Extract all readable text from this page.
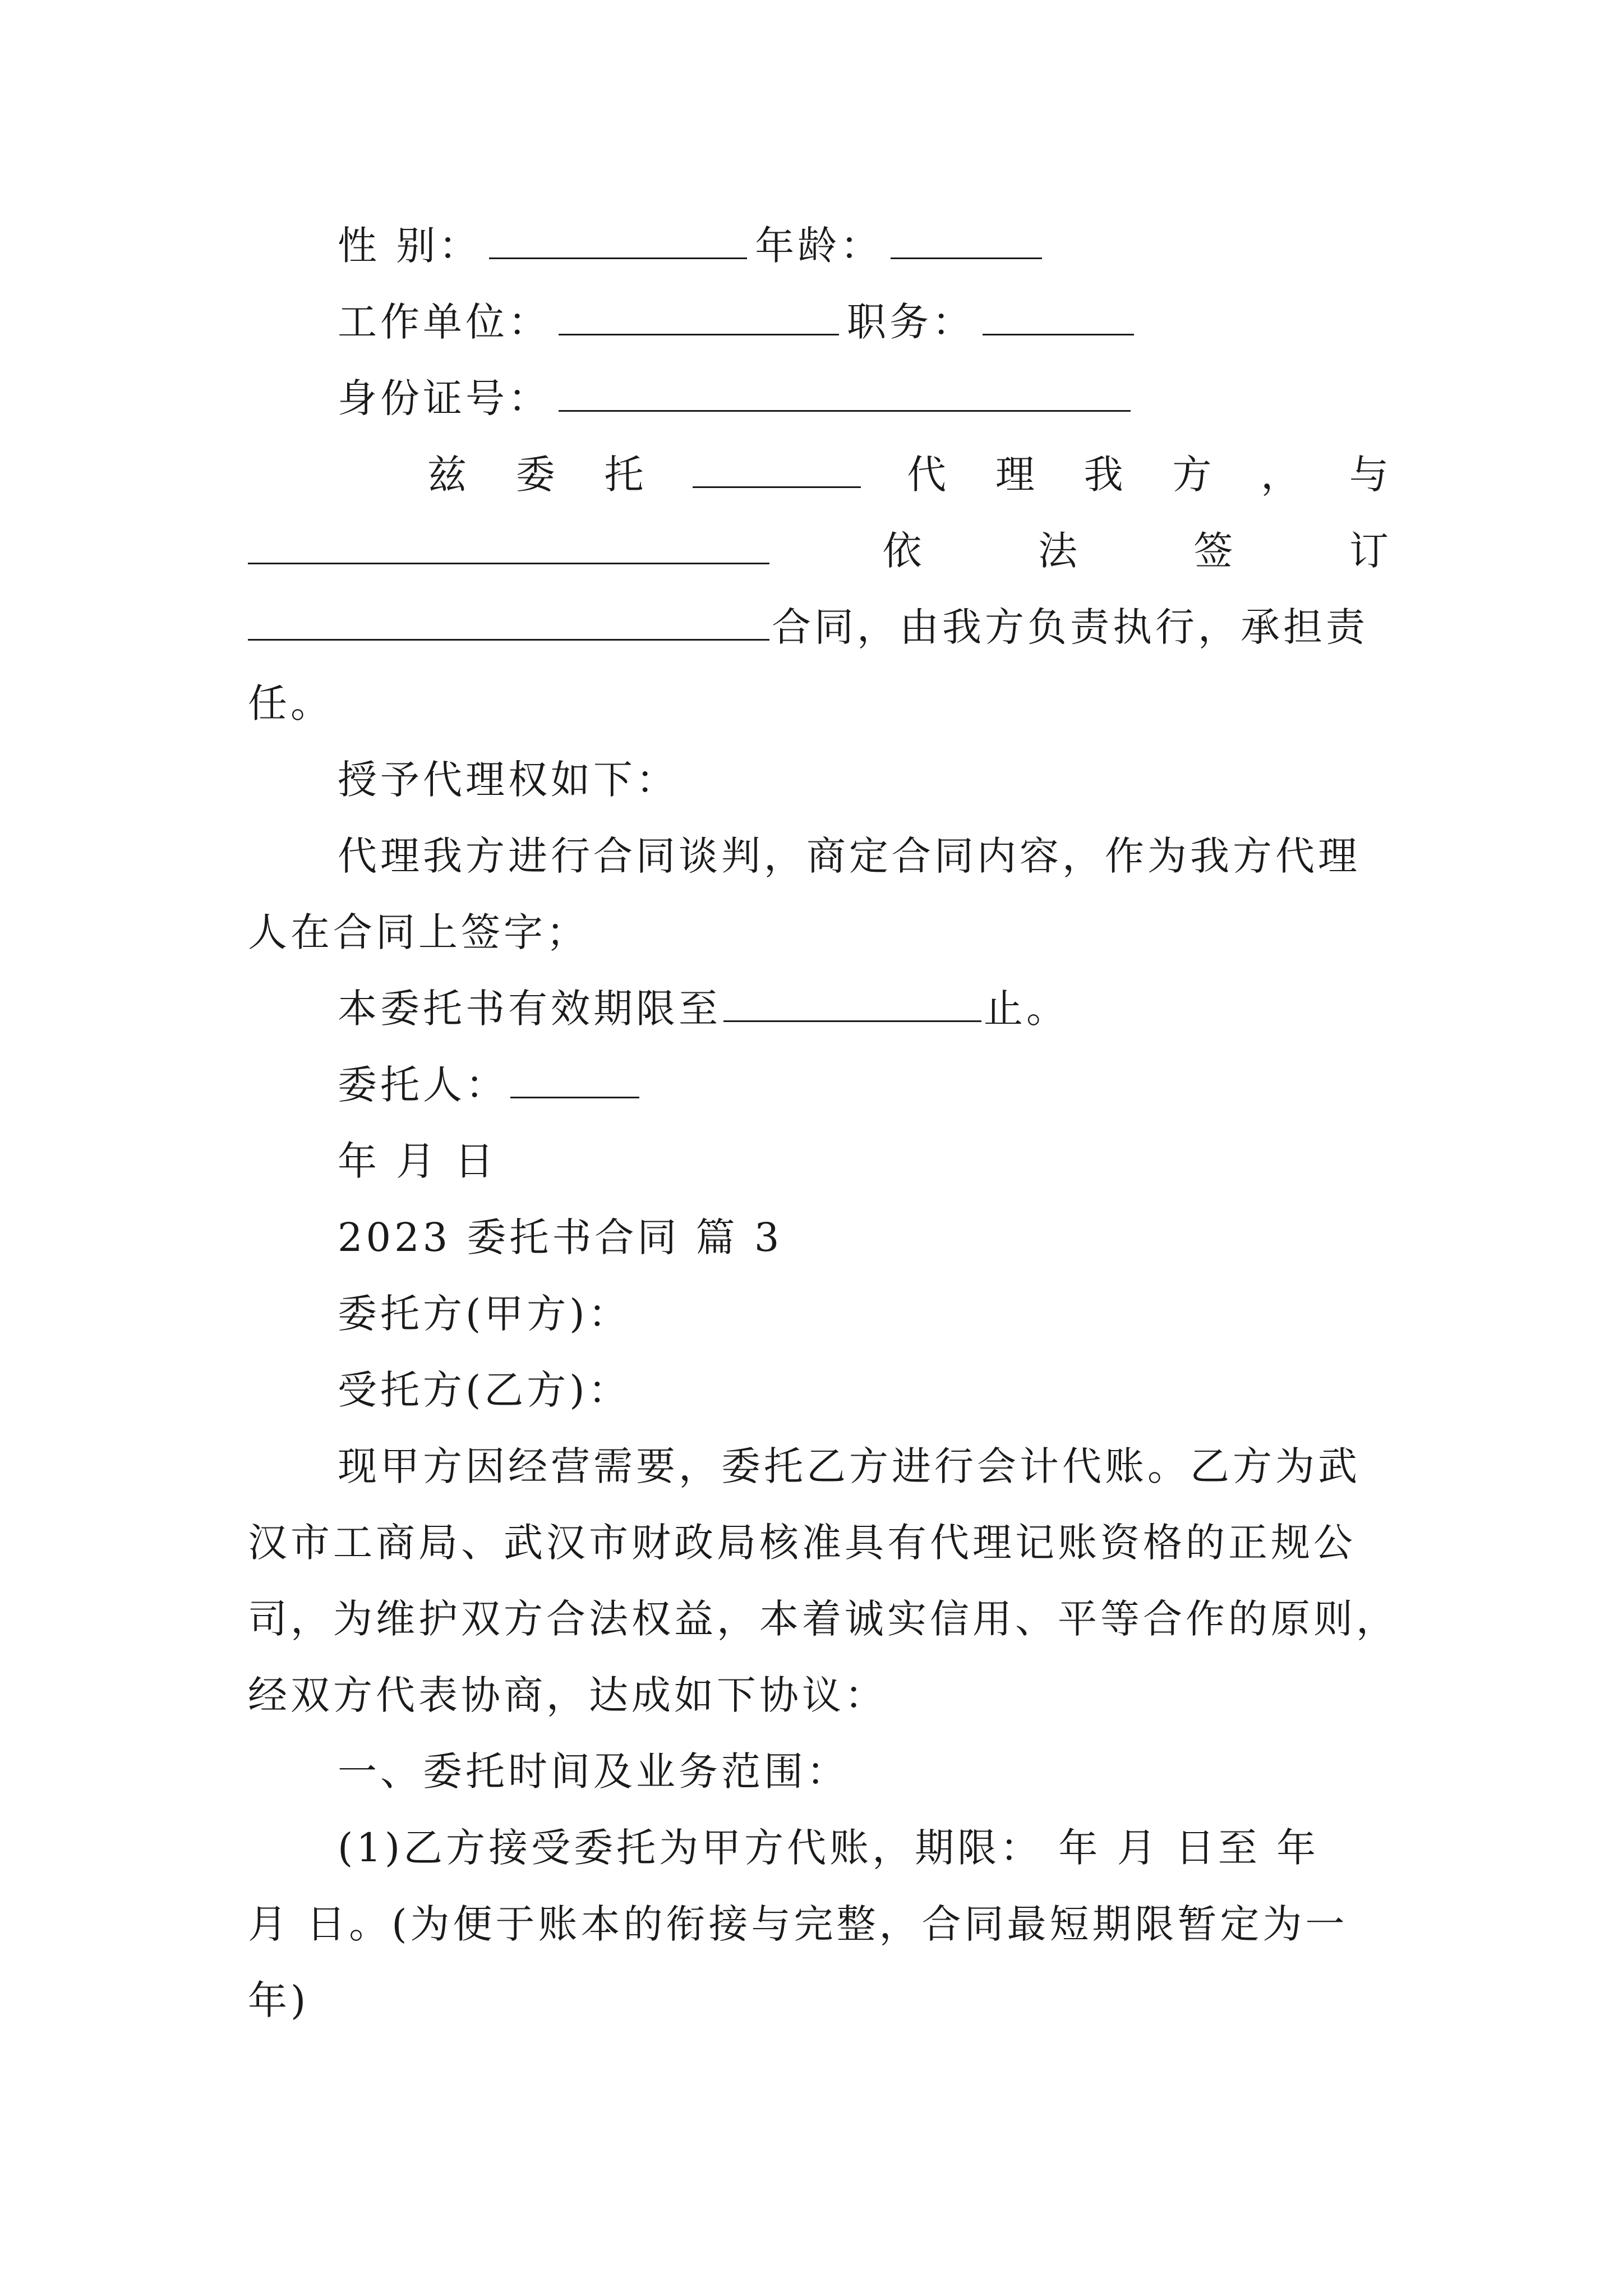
性 别：	年龄：
工作单位：	职务：
身份证号：
兹 委 托	代 理 我 方 ， 与
依	法	签	订
合同，由我方负责执行，承担责
任。
授予代理权如下：
代理我方进行合同谈判，商定合同内容，作为我方代理
人在合同上签字；
本委托书有效期限至	止。
委托人：
年 月 日
2023 委托书合同 篇 3
委托方(甲方)：
受托方(乙方)：
现甲方因经营需要，委托乙方进行会计代账。乙方为武
汉市工商局、武汉市财政局核准具有代理记账资格的正规公
司，为维护双方合法权益，本着诚实信用、平等合作的原则，
经双方代表协商，达成如下协议：
一、委托时间及业务范围：
(1)乙方接受委托为甲方代账，期限： 年 月 日至 年
月 日。(为便于账本的衔接与完整，合同最短期限暂定为一
年)
